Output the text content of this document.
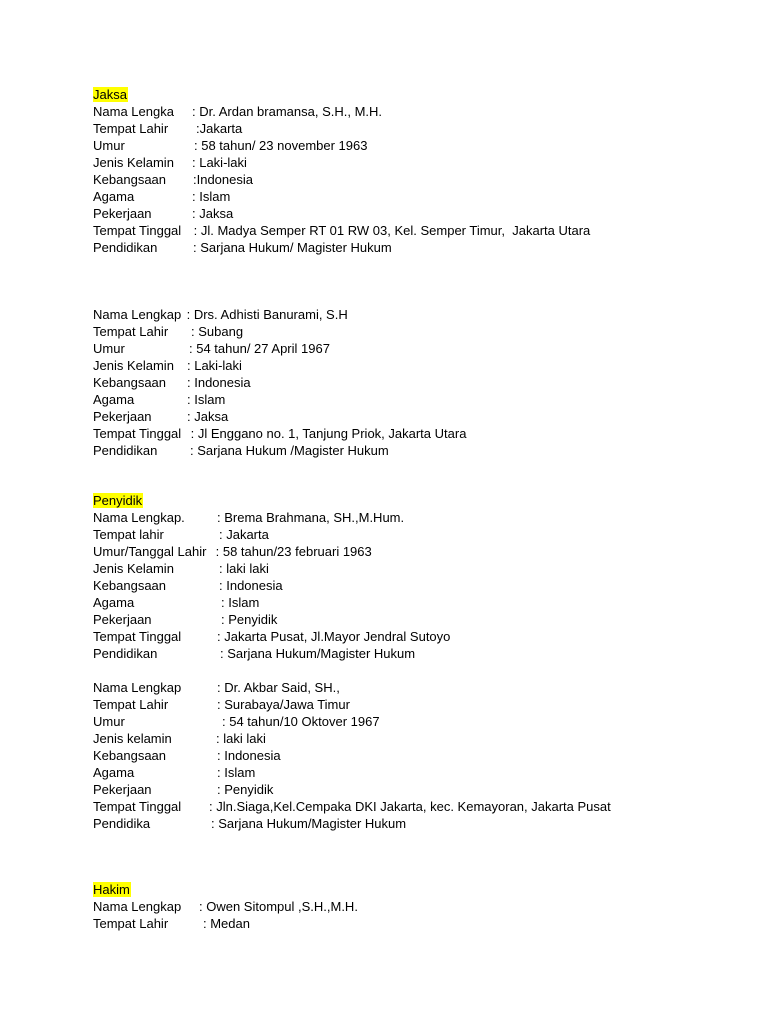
Jaksa
Nama Lengka : Dr. Ardan bramansa, S.H., M.H.
Tempat Lahir :Jakarta
Umur	: 58 tahun/ 23 november 1963
Jenis Kelamin : Laki-laki
Kebangsaan :Indonesia
Agama	: Islam
Pekerjaan	: Jaksa
Tempat Tinggal : Jl. Madya Semper RT 01 RW 03, Kel. Semper Timur,  Jakarta Utara
Pendidikan	: Sarjana Hukum/ Magister Hukum
Nama Lengkap : Drs. Adhisti Banurami, S.H
Tempat Lahir : Subang
Umur	: 54 tahun/ 27 April 1967
Jenis Kelamin : Laki-laki
Kebangsaan : Indonesia
Agama	: Islam
Pekerjaan	: Jaksa
Tempat Tinggal : Jl Enggano no. 1, Tanjung Priok, Jakarta Utara
Pendidikan	: Sarjana Hukum /Magister Hukum
Penyidik
Nama Lengkap. : Brema Brahmana, SH.,M.Hum.
Tempat lahir	: Jakarta
Umur/Tanggal Lahir : 58 tahun/23 februari 1963
Jenis Kelamin	: laki laki
Kebangsaan	: Indonesia
Agama	: Islam
Pekerjaan	: Penyidik
Tempat Tinggal	: Jakarta Pusat, Jl.Mayor Jendral Sutoyo
Pendidikan	: Sarjana Hukum/Magister Hukum
Nama Lengkap	: Dr. Akbar Said, SH.,
Tempat Lahir	: Surabaya/Jawa Timur
Umur	: 54 tahun/10 Oktover 1967
Jenis kelamin	: laki laki
Kebangsaan	: Indonesia
Agama	: Islam
Pekerjaan	: Penyidik
Tempat Tinggal : Jln.Siaga,Kel.Cempaka DKI Jakarta, kec. Kemayoran, Jakarta Pusat
Pendidika	: Sarjana Hukum/Magister Hukum
Hakim
Nama Lengkap : Owen Sitompul ,S.H.,M.H.
Tempat Lahir	: Medan
